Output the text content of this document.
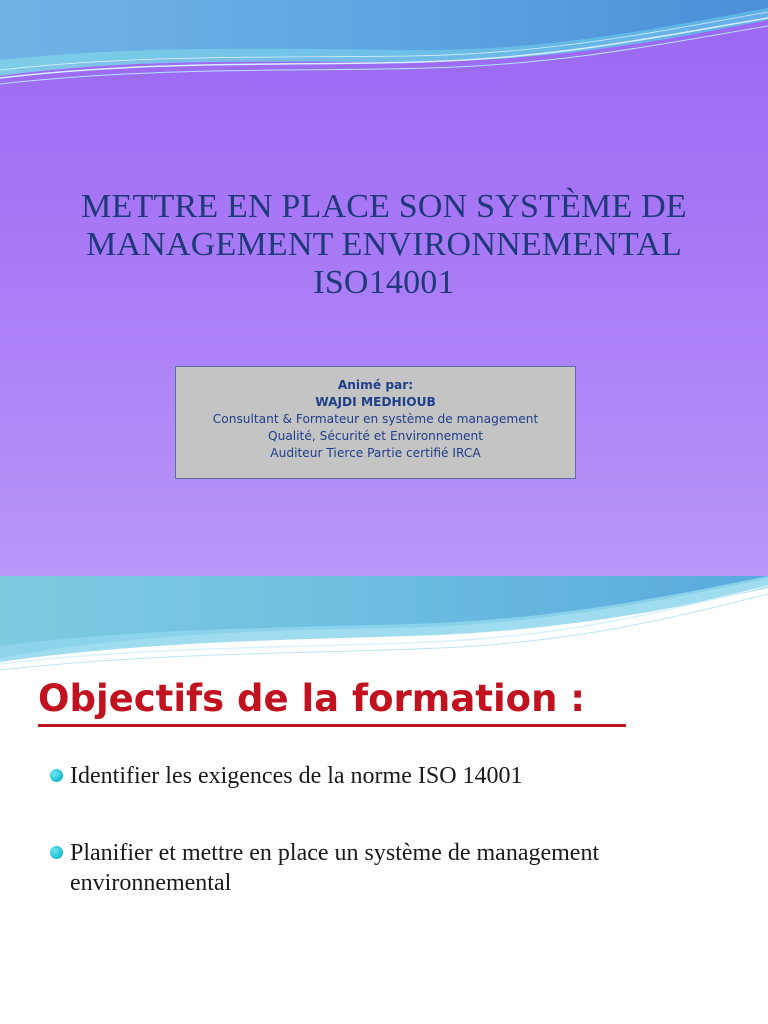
METTRE EN PLACE SON SYSTÈME DE MANAGEMENT ENVIRONNEMENTAL ISO14001
Animé par:
WAJDI MEDHIOUB
Consultant & Formateur en système de management
Qualité, Sécurité et Environnement
Auditeur Tierce Partie certifié IRCA
Objectifs de la formation :
Identifier les exigences de la norme ISO 14001
Planifier et mettre en place un système de management environnemental
